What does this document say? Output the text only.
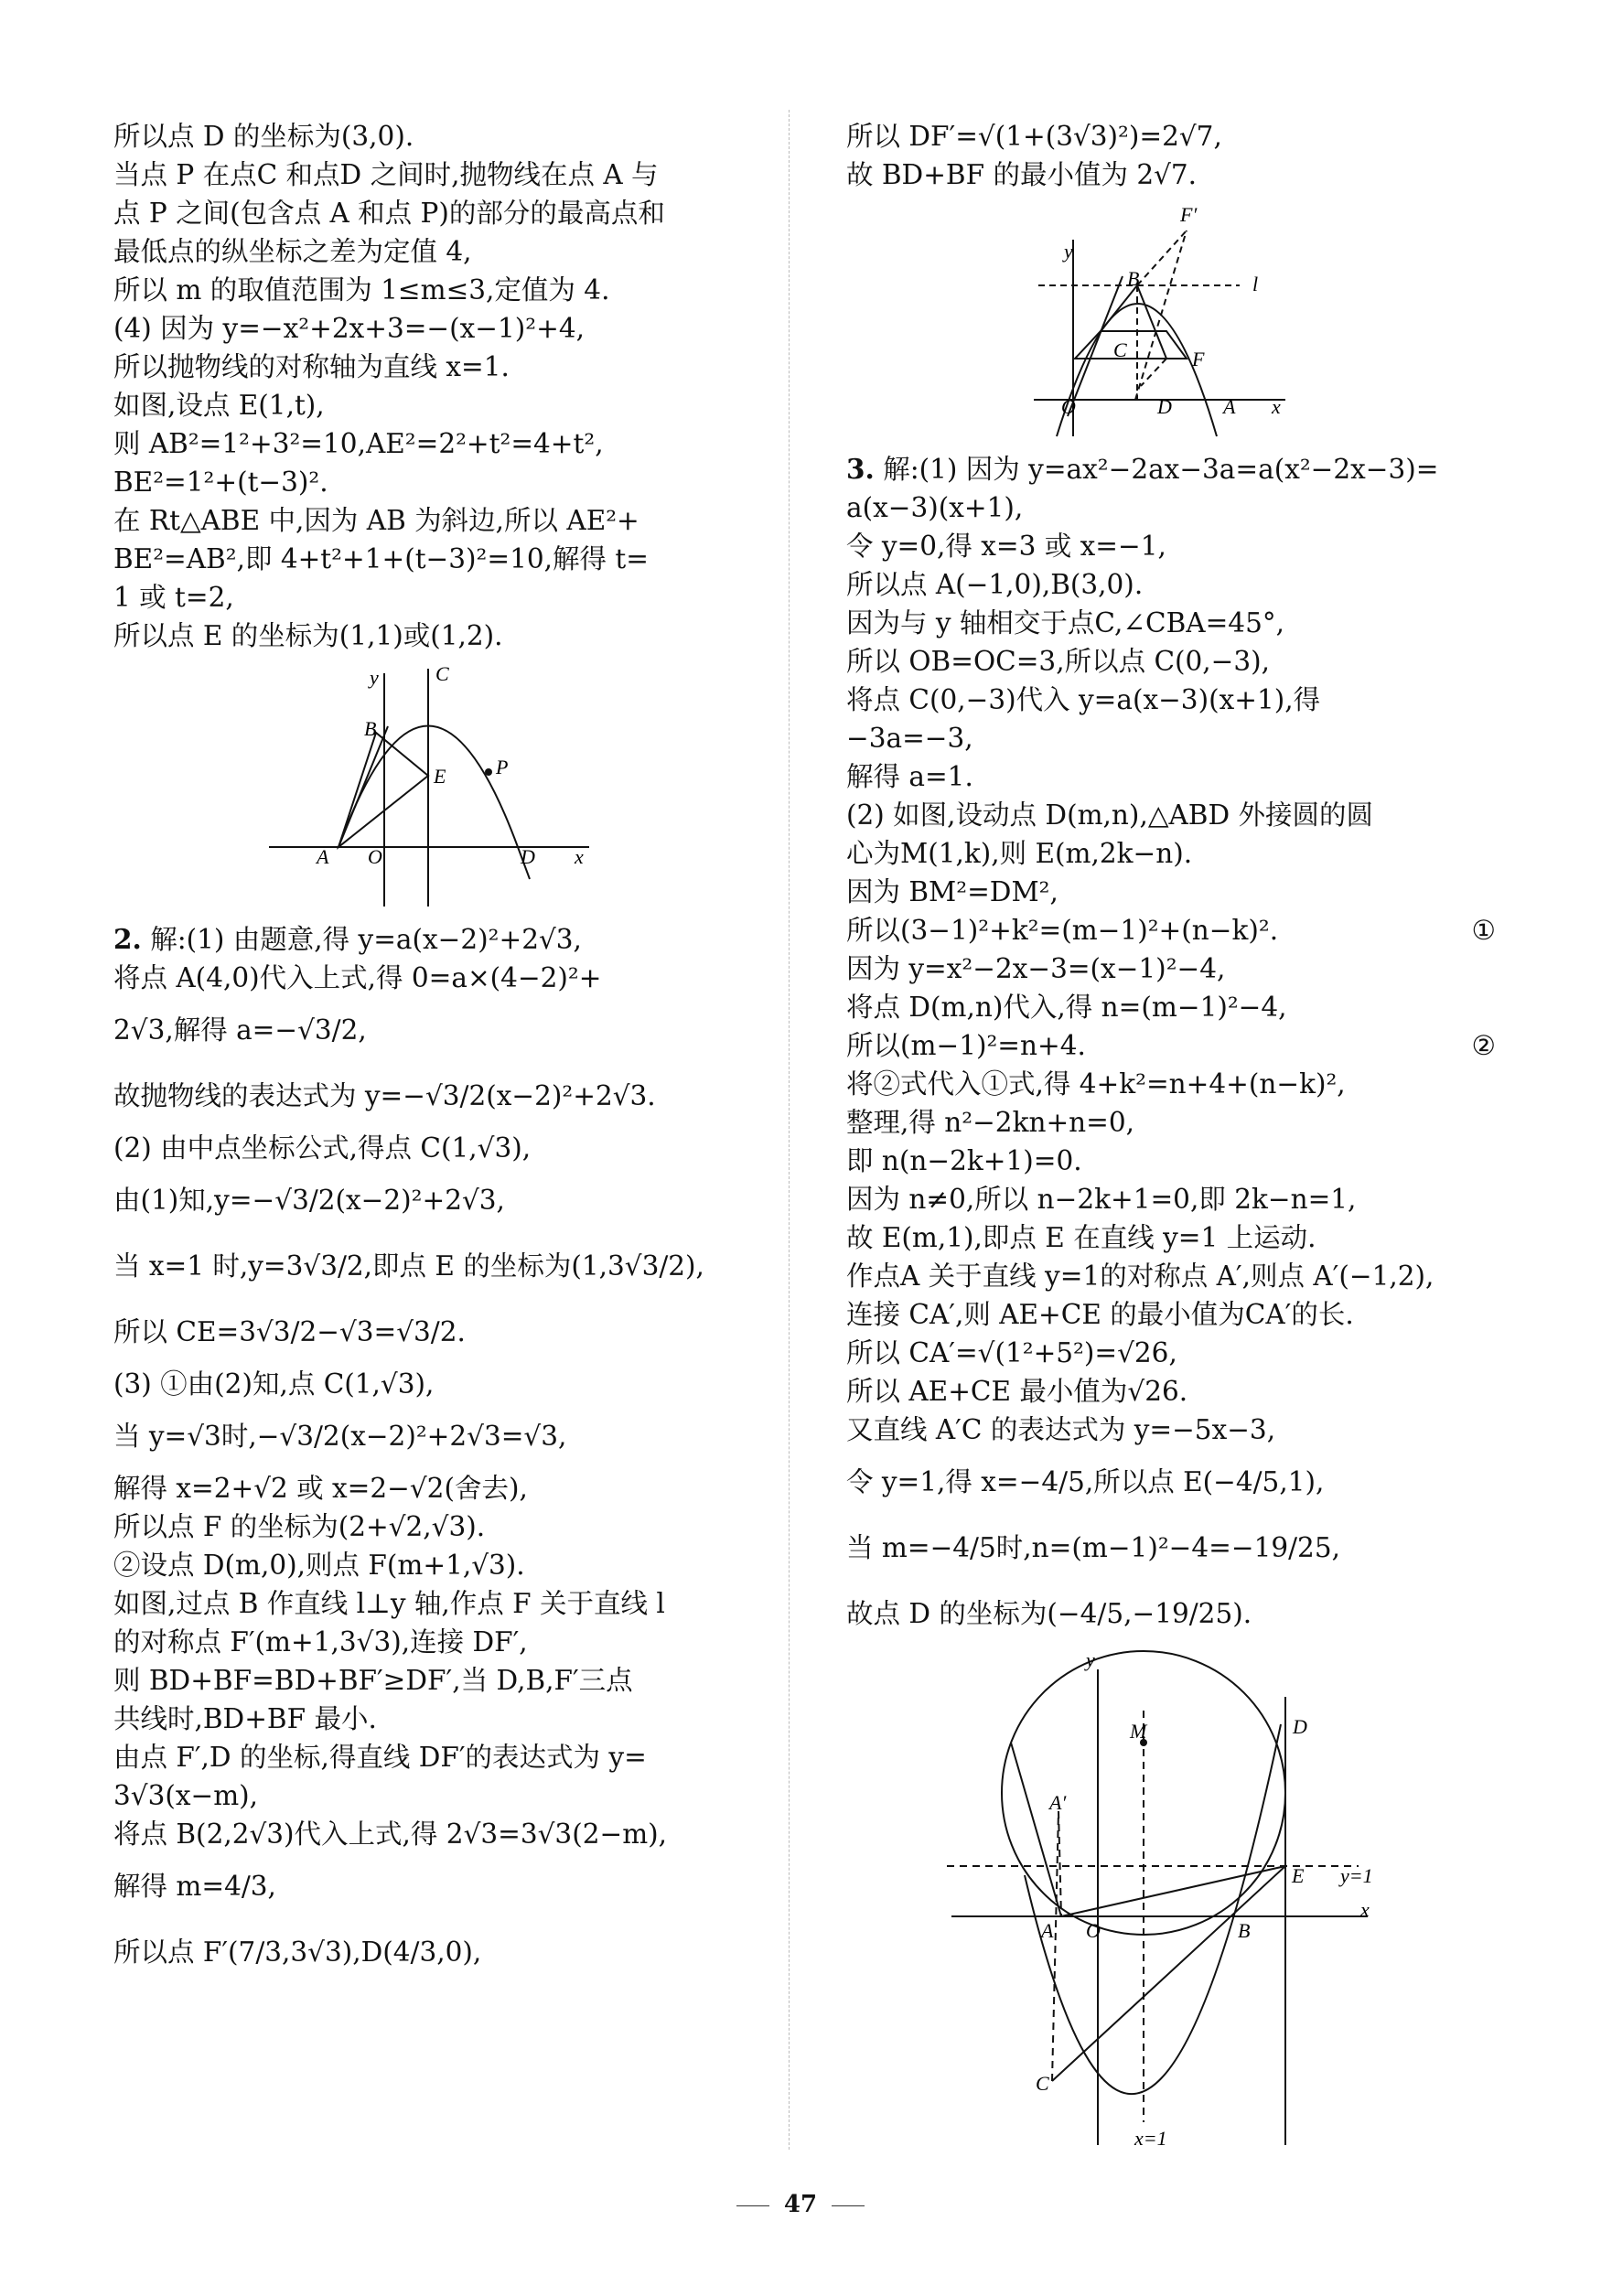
所以点 D 的坐标为(3,0).
当点 P 在点C 和点D 之间时,抛物线在点 A 与
点 P 之间(包含点 A 和点 P)的部分的最高点和
最低点的纵坐标之差为定值 4,
所以 m 的取值范围为 1≤m≤3,定值为 4.
(4) 因为 y=−x²+2x+3=−(x−1)²+4,
所以抛物线的对称轴为直线 x=1.
如图,设点 E(1,t),
则 AB²=1²+3²=10,AE²=2²+t²=4+t²,
BE²=1²+(t−3)².
在 Rt△ABE 中,因为 AB 为斜边,所以 AE²+
BE²=AB²,即 4+t²+1+(t−3)²=10,解得 t=
1 或 t=2,
所以点 E 的坐标为(1,1)或(1,2).
y	C
B
E P
A O	D x
2. 解:(1) 由题意,得 y=a(x−2)²+2√3,
将点 A(4,0)代入上式,得 0=a×(4−2)²+
2√3,解得 a=−√3/2,
故抛物线的表达式为 y=−√3/2(x−2)²+2√3.
(2) 由中点坐标公式,得点 C(1,√3),
由(1)知,y=−√3/2(x−2)²+2√3,
当 x=1 时,y=3√3/2,即点 E 的坐标为(1,3√3/2),
所以 CE=3√3/2−√3=√3/2.
(3) ①由(2)知,点 C(1,√3),
当 y=√3时,−√3/2(x−2)²+2√3=√3,
解得 x=2+√2 或 x=2−√2(舍去),
所以点 F 的坐标为(2+√2,√3).
②设点 D(m,0),则点 F(m+1,√3).
如图,过点 B 作直线 l⊥y 轴,作点 F 关于直线 l
的对称点 F′(m+1,3√3),连接 DF′,
则 BD+BF=BD+BF′≥DF′,当 D,B,F′三点
共线时,BD+BF 最小.
由点 F′,D 的坐标,得直线 DF′的表达式为 y=
3√3(x−m),
将点 B(2,2√3)代入上式,得 2√3=3√3(2−m),
解得 m=4/3,
所以点 F′(7/3,3√3),D(4/3,0),
所以 DF′=√(1+(3√3)²)=2√7,
故 BD+BF 的最小值为 2√7.
F′
y
B	l
C	F
O	D	A x
3. 解:(1) 因为 y=ax²−2ax−3a=a(x²−2x−3)=
a(x−3)(x+1),
令 y=0,得 x=3 或 x=−1,
所以点 A(−1,0),B(3,0).
因为与 y 轴相交于点C,∠CBA=45°,
所以 OB=OC=3,所以点 C(0,−3),
将点 C(0,−3)代入 y=a(x−3)(x+1),得
−3a=−3,
解得 a=1.
(2) 如图,设动点 D(m,n),△ABD 外接圆的圆
心为M(1,k),则 E(m,2k−n).
因为 BM²=DM²,
所以(3−1)²+k²=(m−1)²+(n−k)².	①
因为 y=x²−2x−3=(x−1)²−4,
将点 D(m,n)代入,得 n=(m−1)²−4,
所以(m−1)²=n+4.	②
将②式代入①式,得 4+k²=n+4+(n−k)²,
整理,得 n²−2kn+n=0,
即 n(n−2k+1)=0.
因为 n≠0,所以 n−2k+1=0,即 2k−n=1,
故 E(m,1),即点 E 在直线 y=1 上运动.
作点A 关于直线 y=1的对称点 A′,则点 A′(−1,2),
连接 CA′,则 AE+CE 的最小值为CA′的长.
所以 CA′=√(1²+5²)=√26,
所以 AE+CE 最小值为√26.
又直线 A′C 的表达式为 y=−5x−3,
令 y=1,得 x=−4/5,所以点 E(−4/5,1),
当 m=−4/5时,n=(m−1)²−4=−19/25,
故点 D 的坐标为(−4/5,−19/25).
y
D
A′
M
y=1
E
A O	B
x
C
x=1
47
